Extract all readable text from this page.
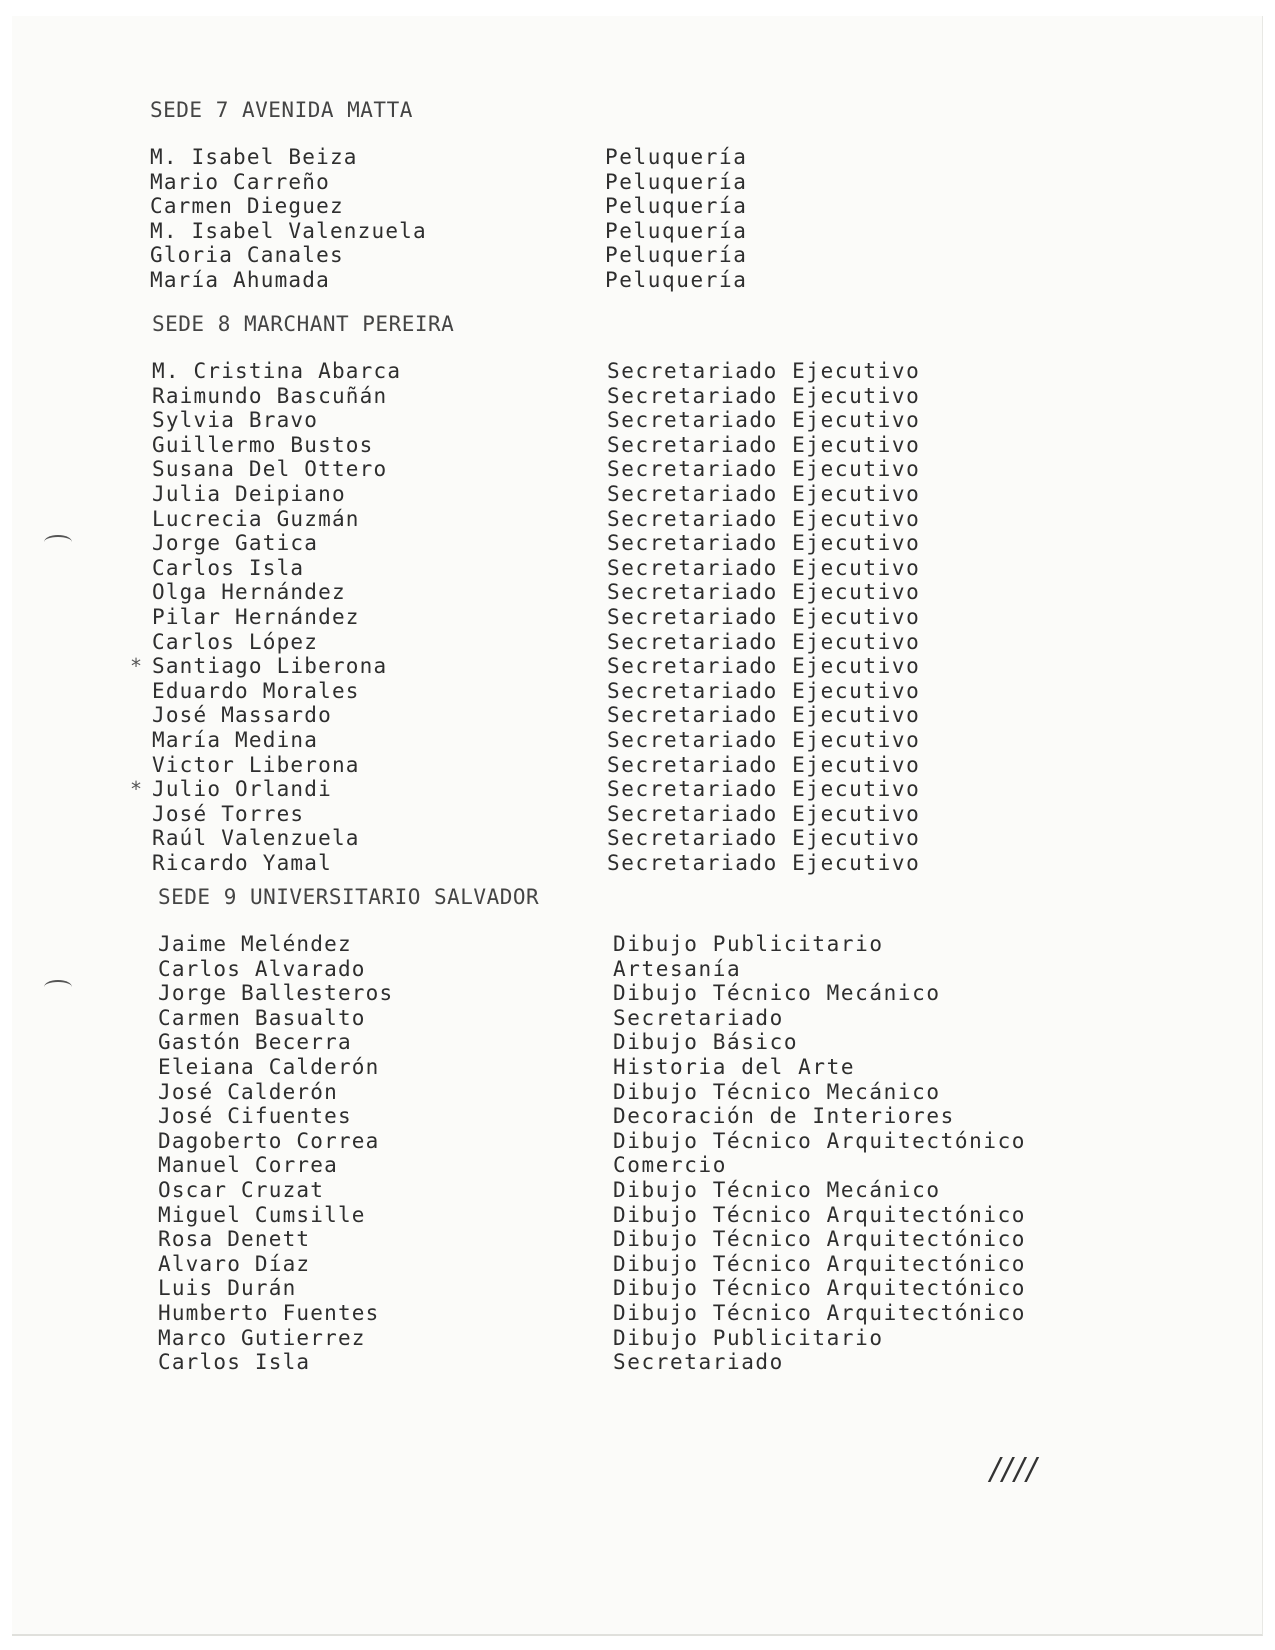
SEDE 7 AVENIDA MATTA
M. Isabel Beiza	Peluquería
Mario Carreño	Peluquería
Carmen Dieguez	Peluquería
M. Isabel Valenzuela	Peluquería
Gloria Canales	Peluquería
María Ahumada	Peluquería
SEDE 8 MARCHANT PEREIRA
M. Cristina Abarca	Secretariado Ejecutivo
Raimundo Bascuñán	Secretariado Ejecutivo
Sylvia Bravo	Secretariado Ejecutivo
Guillermo Bustos	Secretariado Ejecutivo
Susana Del Ottero	Secretariado Ejecutivo
Julia Deipiano	Secretariado Ejecutivo
Lucrecia Guzmán	Secretariado Ejecutivo
Jorge Gatica	Secretariado Ejecutivo
Carlos Isla	Secretariado Ejecutivo
Olga Hernández	Secretariado Ejecutivo
Pilar Hernández	Secretariado Ejecutivo
Carlos López	Secretariado Ejecutivo
* Santiago Liberona	Secretariado Ejecutivo
Eduardo Morales	Secretariado Ejecutivo
José Massardo	Secretariado Ejecutivo
María Medina	Secretariado Ejecutivo
Victor Liberona	Secretariado Ejecutivo
* Julio Orlandi	Secretariado Ejecutivo
José Torres	Secretariado Ejecutivo
Raúl Valenzuela	Secretariado Ejecutivo
Ricardo Yamal	Secretariado Ejecutivo
SEDE 9 UNIVERSITARIO SALVADOR
Jaime Meléndez	Dibujo Publicitario
Carlos Alvarado	Artesanía
Jorge Ballesteros	Dibujo Técnico Mecánico
Carmen Basualto	Secretariado
Gastón Becerra	Dibujo Básico
Eleiana Calderón	Historia del Arte
José Calderón	Dibujo Técnico Mecánico
José Cifuentes	Decoración de Interiores
Dagoberto Correa	Dibujo Técnico Arquitectónico
Manuel Correa	Comercio
Oscar Cruzat	Dibujo Técnico Mecánico
Miguel Cumsille	Dibujo Técnico Arquitectónico
Rosa Denett	Dibujo Técnico Arquitectónico
Alvaro Díaz	Dibujo Técnico Arquitectónico
Luis Durán	Dibujo Técnico Arquitectónico
Humberto Fuentes	Dibujo Técnico Arquitectónico
Marco Gutierrez	Dibujo Publicitario
Carlos Isla	Secretariado
////
